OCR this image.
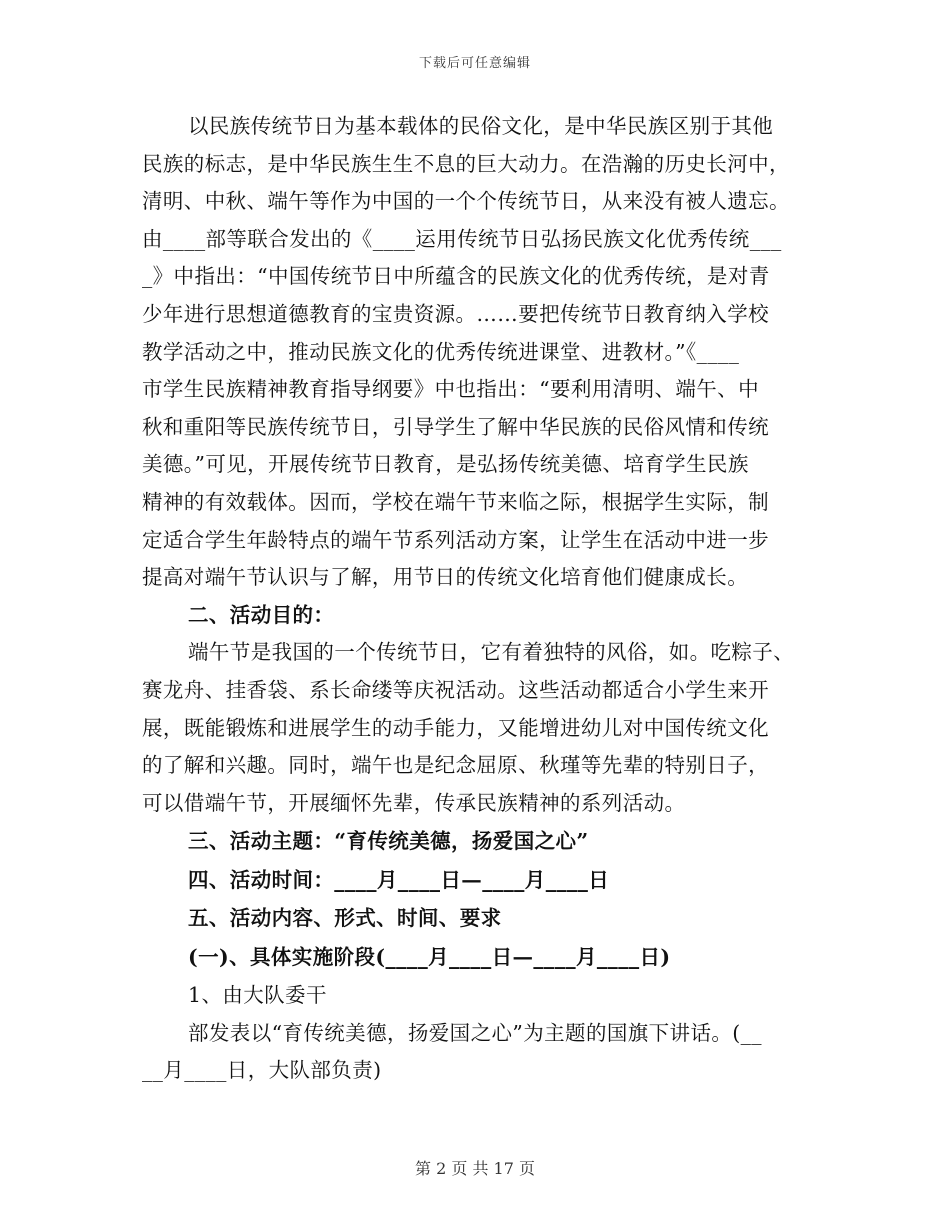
下载后可任意编辑
以民族传统节日为基本载体的民俗文化，是中华民族区别于其他
民族的标志，是中华民族生生不息的巨大动力。在浩瀚的历史长河中，
清明、中秋、端午等作为中国的一个个传统节日，从来没有被人遗忘。
由____部等联合发出的《____运用传统节日弘扬民族文化优秀传统___
_》中指出：“中国传统节日中所蕴含的民族文化的优秀传统，是对青
少年进行思想道德教育的宝贵资源。……要把传统节日教育纳入学校
教学活动之中，推动民族文化的优秀传统进课堂、进教材。”《____
市学生民族精神教育指导纲要》中也指出：“要利用清明、端午、中
秋和重阳等民族传统节日，引导学生了解中华民族的民俗风情和传统
美德。”可见，开展传统节日教育，是弘扬传统美德、培育学生民族
精神的有效载体。因而，学校在端午节来临之际，根据学生实际，制
定适合学生年龄特点的端午节系列活动方案，让学生在活动中进一步
提高对端午节认识与了解，用节日的传统文化培育他们健康成长。
二、活动目的：
端午节是我国的一个传统节日，它有着独特的风俗，如。吃粽子、
赛龙舟、挂香袋、系长命缕等庆祝活动。这些活动都适合小学生来开
展，既能锻炼和进展学生的动手能力，又能增进幼儿对中国传统文化
的了解和兴趣。同时，端午也是纪念屈原、秋瑾等先辈的特别日子，
可以借端午节，开展缅怀先辈，传承民族精神的系列活动。
三、活动主题：“育传统美德，扬爱国之心”
四、活动时间：____月____日—____月____日
五、活动内容、形式、时间、要求
(一)、具体实施阶段(____月____日—____月____日)
1、由大队委干
部发表以“育传统美德，扬爱国之心”为主题的国旗下讲话。(__
__月____日，大队部负责)
第 2 页 共 17 页
